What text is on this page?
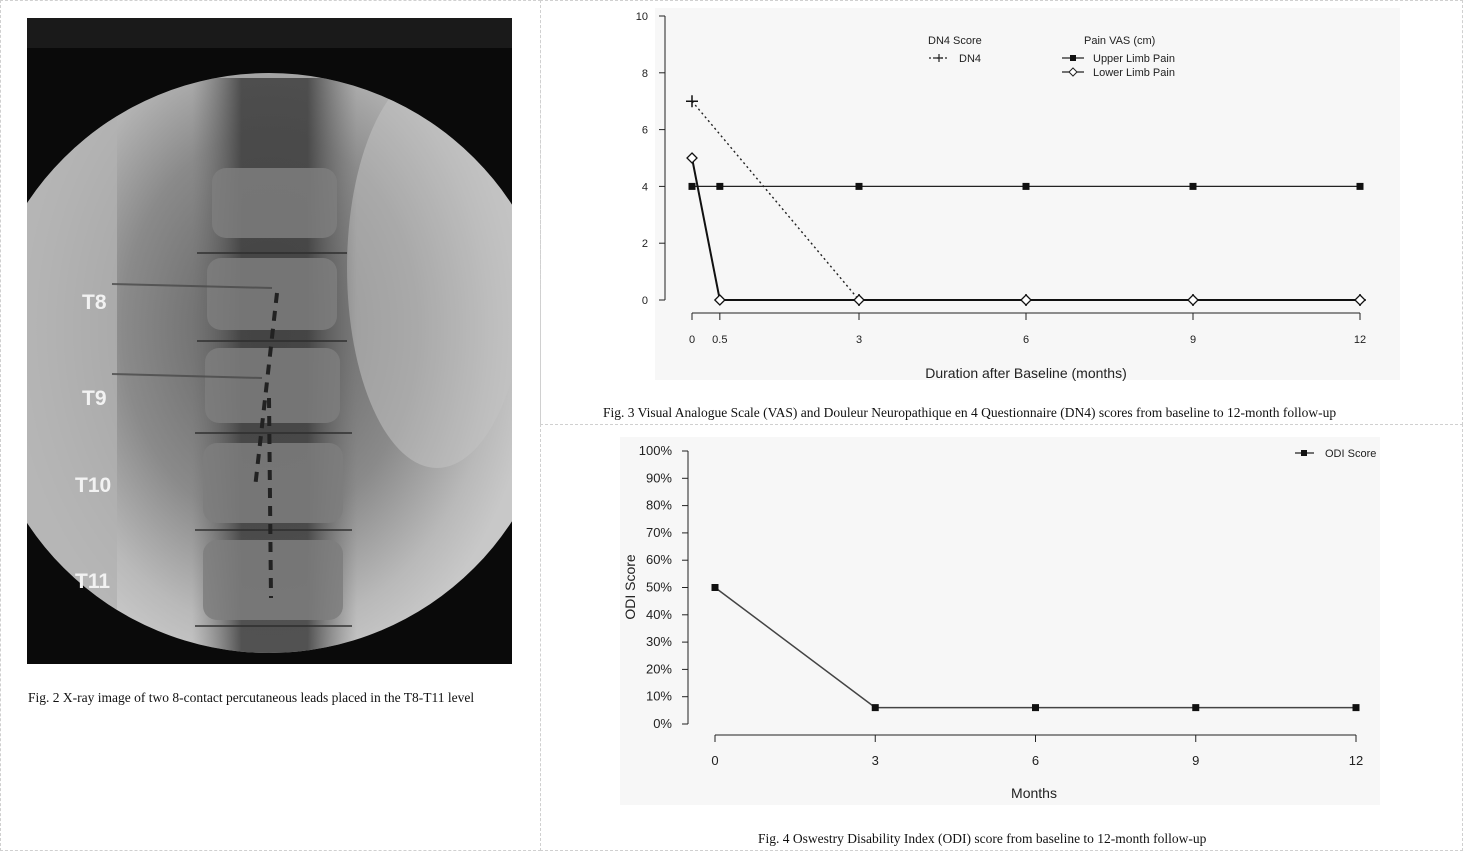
T8
T9
T10
T11
Fig. 2 X-ray image of two 8-contact percutaneous leads placed in the T8-T11 level
0
2
4
6
8
10
0 0.5	3	6	9	12
Duration after Baseline (months)
DN4 Score	Pain VAS (cm)
DN4	Upper Limb Pain
Lower Limb Pain
Fig. 3 Visual Analogue Scale (VAS) and Douleur Neuropathique en 4 Questionnaire (DN4) scores from baseline to 12-month follow-up
0%
10%
20%
30%
40%
50%
60%
70%
80%
90%
100%
0	3	6	9	12
Months
ODI Score
ODI Score
Fig. 4 Oswestry Disability Index (ODI) score from baseline to 12-month follow-up
